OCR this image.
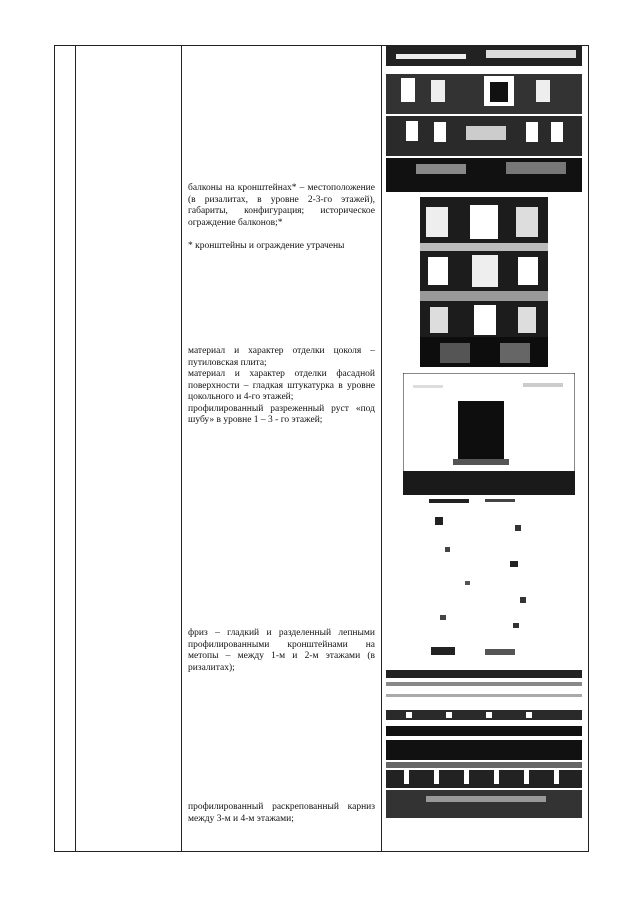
балконы на кронштейнах* – местоположение (в ризалитах, в уровне 2-3-го этажей), габариты, конфигурация; историческое ограждение балконов;*
* кронштейны и ограждение утрачены
материал и характер отделки цоколя – путиловская плита;
материал и характер отделки фасадной поверхности – гладкая штукатурка в уровне цокольного и 4-го этажей;
профилированный разреженный руст «под шубу» в уровне 1 – 3 - го этажей;
фриз – гладкий и разделенный лепными профилированными кронштейнами на метопы – между 1-м и 2-м этажами (в ризалитах);
профилированный раскрепованный карниз между 3-м и 4-м этажами;
